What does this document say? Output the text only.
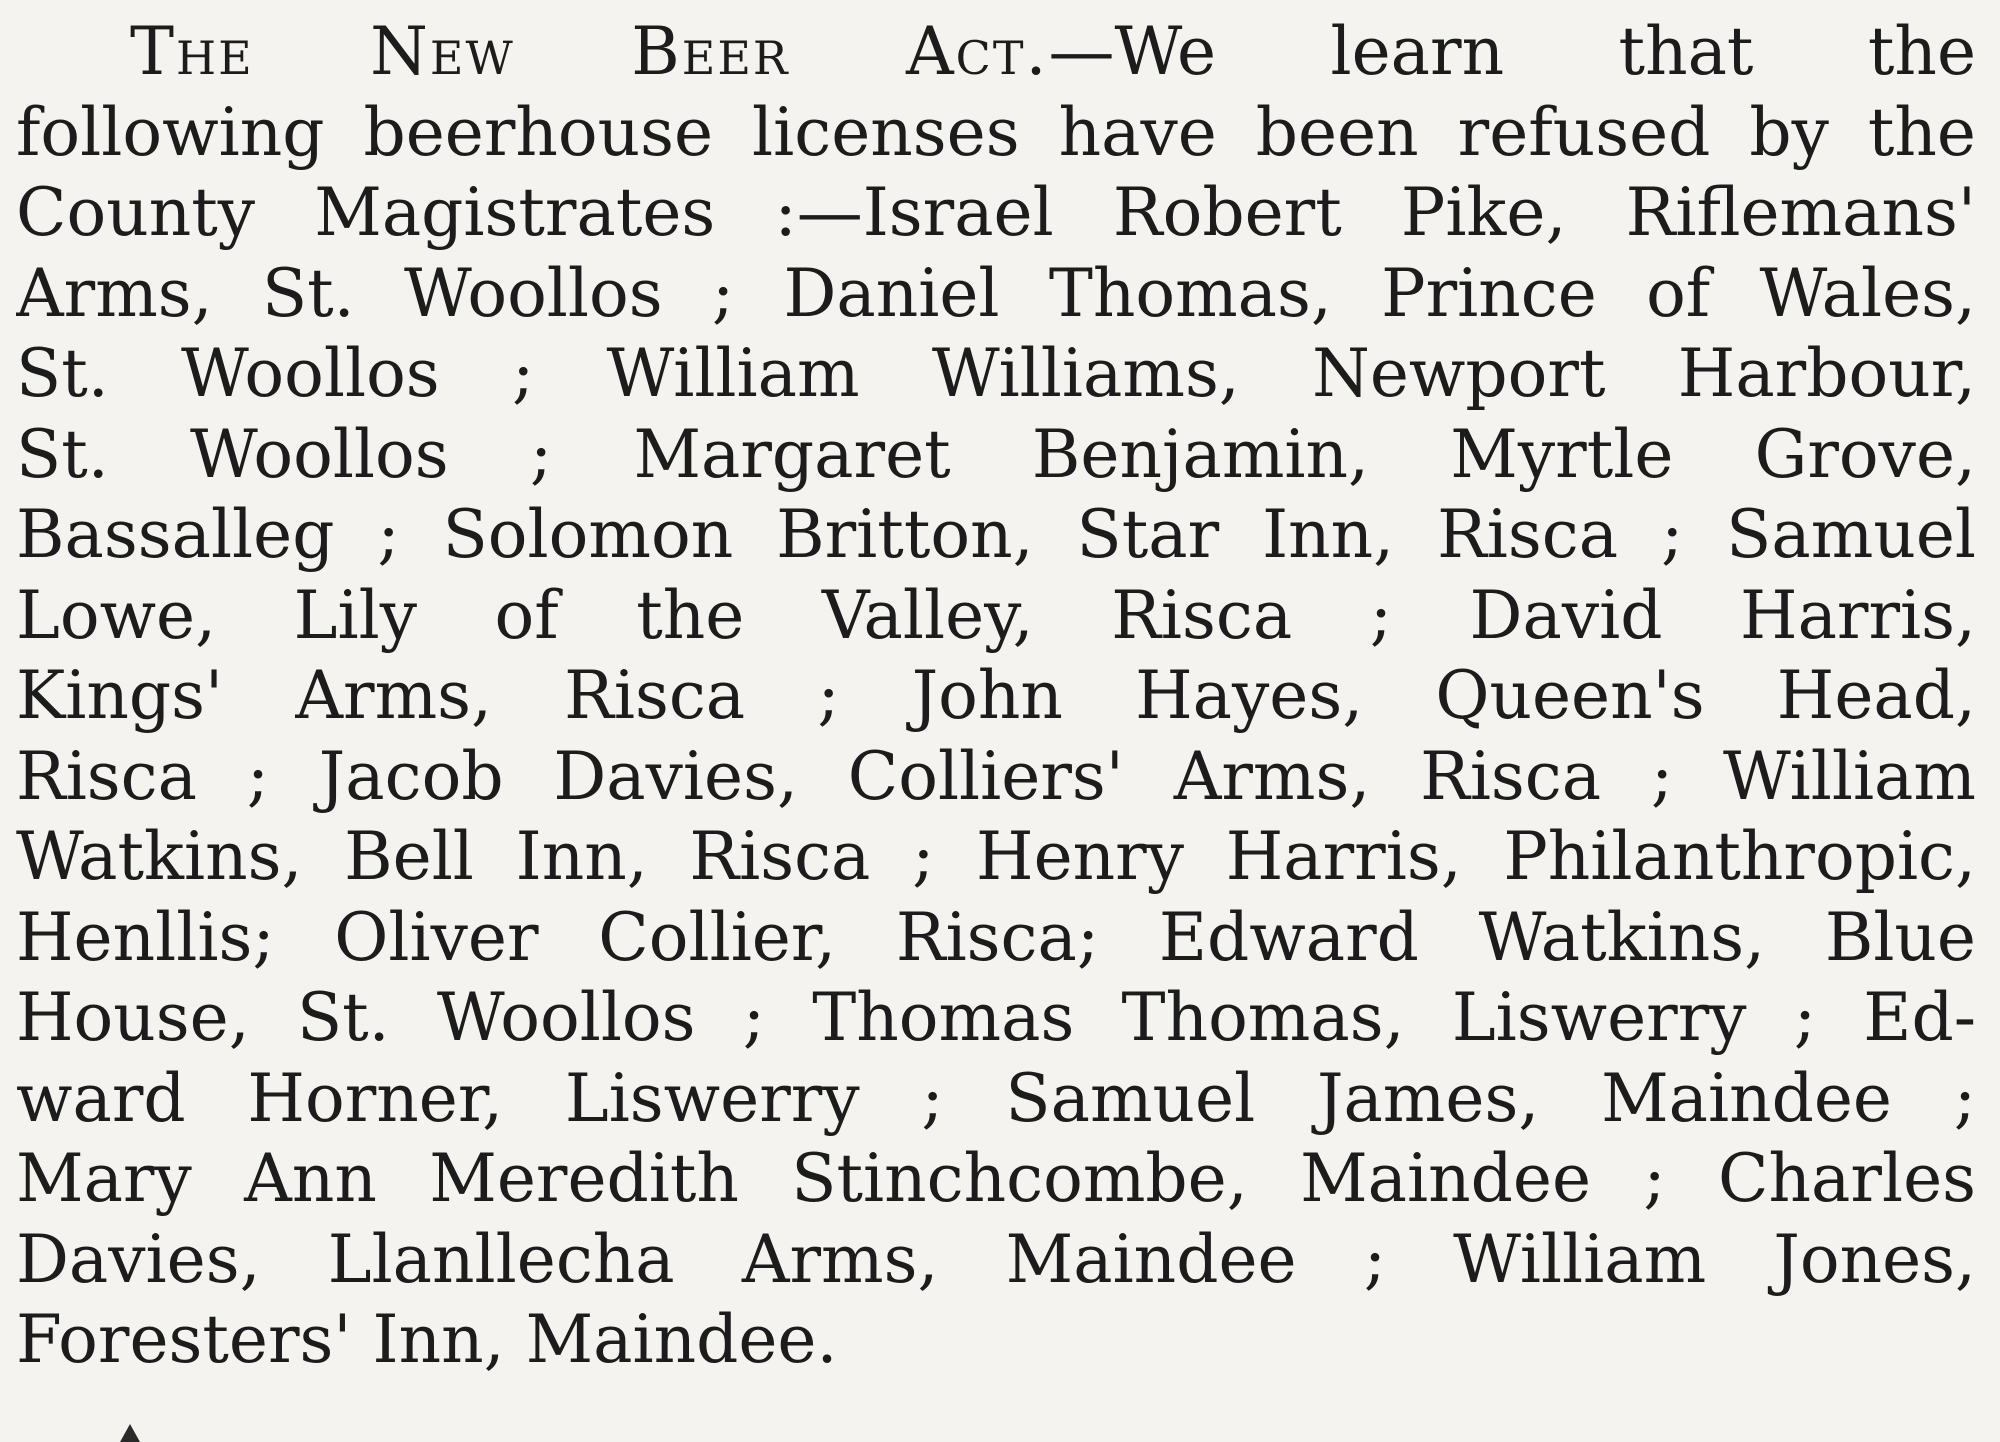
The New Beer Act.—We learn that the
following beerhouse licenses have been refused by the
County Magistrates :—Israel Robert Pike, Riflemans'
Arms, St. Woollos ; Daniel Thomas, Prince of Wales,
St. Woollos ; William Williams, Newport Harbour,
St. Woollos ; Margaret Benjamin, Myrtle Grove,
Bassalleg ; Solomon Britton, Star Inn, Risca ; Samuel
Lowe, Lily of the Valley, Risca ; David Harris,
Kings' Arms, Risca ; John Hayes, Queen's Head,
Risca ; Jacob Davies, Colliers' Arms, Risca ; William
Watkins, Bell Inn, Risca ; Henry Harris, Philanthropic,
Henllis; Oliver Collier, Risca; Edward Watkins, Blue
House, St. Woollos ; Thomas Thomas, Liswerry ; Ed-
ward Horner, Liswerry ; Samuel James, Maindee ;
Mary Ann Meredith Stinchcombe, Maindee ; Charles
Davies, Llanllecha Arms, Maindee ; William Jones,
Foresters' Inn, Maindee.
